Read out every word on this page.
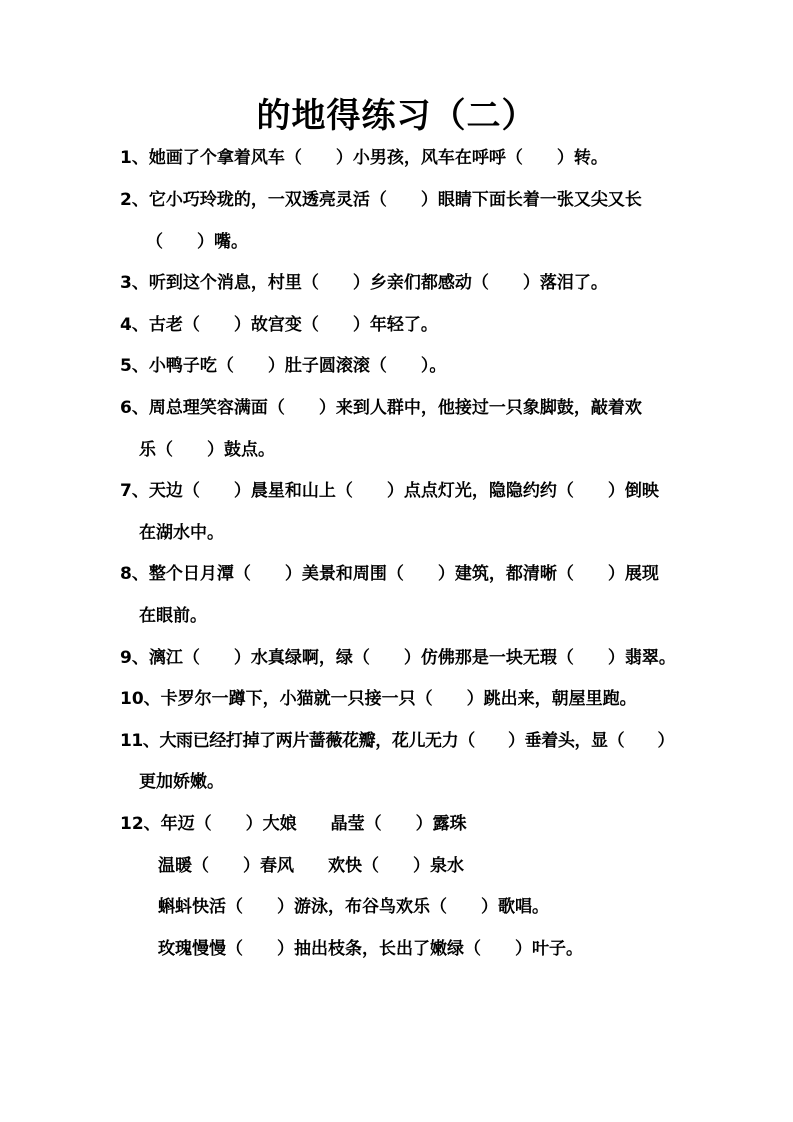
的地得练习（二）
1、她画了个拿着风车（　　）小男孩，风车在呼呼（　　）转。
2、它小巧玲珑的，一双透亮灵活（　　）眼睛下面长着一张又尖又长
（　　）嘴。
3、听到这个消息，村里（　　）乡亲们都感动（　　）落泪了。
4、古老（　　）故宫变（　　）年轻了。
5、小鸭子吃（　　）肚子圆滚滚（　　）。
6、周总理笑容满面（　　）来到人群中，他接过一只象脚鼓，敲着欢
乐（　　）鼓点。
7、天边（　　）晨星和山上（　　）点点灯光，隐隐约约（　　）倒映
在湖水中。
8、整个日月潭（　　）美景和周围（　　）建筑，都清晰（　　）展现
在眼前。
9、漓江（　　）水真绿啊，绿（　　）仿佛那是一块无瑕（　　）翡翠。
10、卡罗尔一蹲下，小猫就一只接一只（　　）跳出来，朝屋里跑。
11、大雨已经打掉了两片蔷薇花瓣，花儿无力（　　）垂着头，显（　　）
更加娇嫩。
12、年迈（　　）大娘　　晶莹（　　）露珠
温暖（　　）春风　　欢快（　　）泉水
蝌蚪快活（　　）游泳，布谷鸟欢乐（　　）歌唱。
玫瑰慢慢（　　）抽出枝条，长出了嫩绿（　　）叶子。
